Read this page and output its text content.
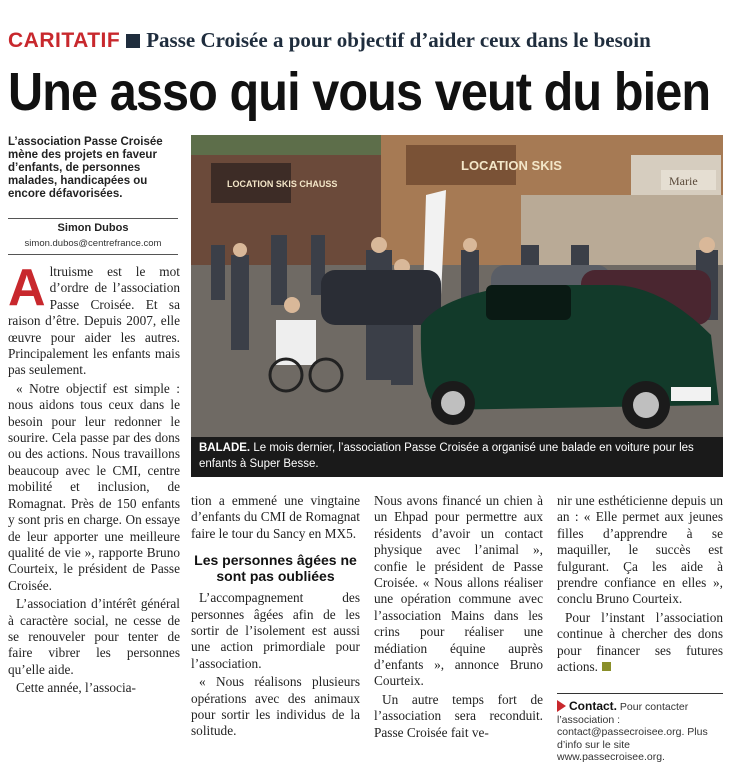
CARITATIF Passe Croisée a pour objectif d’aider ceux dans le besoin
Une asso qui vous veut du bien
L’association Passe Croisée mène des projets en faveur d’enfants, de personnes malades, handicapées ou encore défavorisées.
Simon Dubos
simon.dubos@centrefrance.com

Altruisme est le mot d’ordre de l’association Passe Croisée. Et sa raison d’être. Depuis 2007, elle œuvre pour aider les autres. Principalement les enfants mais pas seulement.

« Notre objectif est simple : nous aidons tous ceux dans le besoin pour leur redonner le sourire. Cela passe par des dons ou des actions. Nous travaillons beaucoup avec le CMI, centre mobilité et inclusion, de Romagnat. Près de 150 enfants y sont pris en charge. On essaye de leur apporter une meilleure qualité de vie », rapporte Bruno Courteix, le président de Passe Croisée.

L’association d’intérêt général à caractère social, ne cesse de se renouveler pour tenter de faire vibrer les personnes qu’elle aide.

Cette année, l’associa-

LOCATION SKIS
LOCATION SKIS CHAUSS	Marie
BALADE. Le mois dernier, l’association Passe Croisée a organisé une balade en voiture pour les enfants à Super Besse.

tion a emmené une vingtaine d’enfants du CMI de Romagnat faire le tour du Sancy en MX5.

Les personnes âgées ne sont pas oubliées

L’accompagnement des personnes âgées afin de les sortir de l’isolement est aussi une action primordiale pour l’association.

« Nous réalisons plusieurs opérations avec des animaux pour sortir les individus de la solitude.

Nous avons financé un chien à un Ehpad pour permettre aux résidents d’avoir un contact physique avec l’animal », confie le président de Passe Croisée. « Nous allons réaliser une opération commune avec l’association Mains dans les crins pour réaliser une médiation équine auprès d’enfants », annonce Bruno Courteix.

Un autre temps fort de l’association sera reconduit. Passe Croisée fait ve-

nir une esthéticienne depuis un an : « Elle permet aux jeunes filles d’apprendre à se maquiller, le succès est fulgurant. Ça les aide à prendre confiance en elles », conclu Bruno Courteix.

Pour l’instant l’association continue à chercher des dons pour financer ses futures actions.

Contact. Pour contacter l’association : contact@passecroisee.org. Plus d’info sur le site www.passecroisee.org.
